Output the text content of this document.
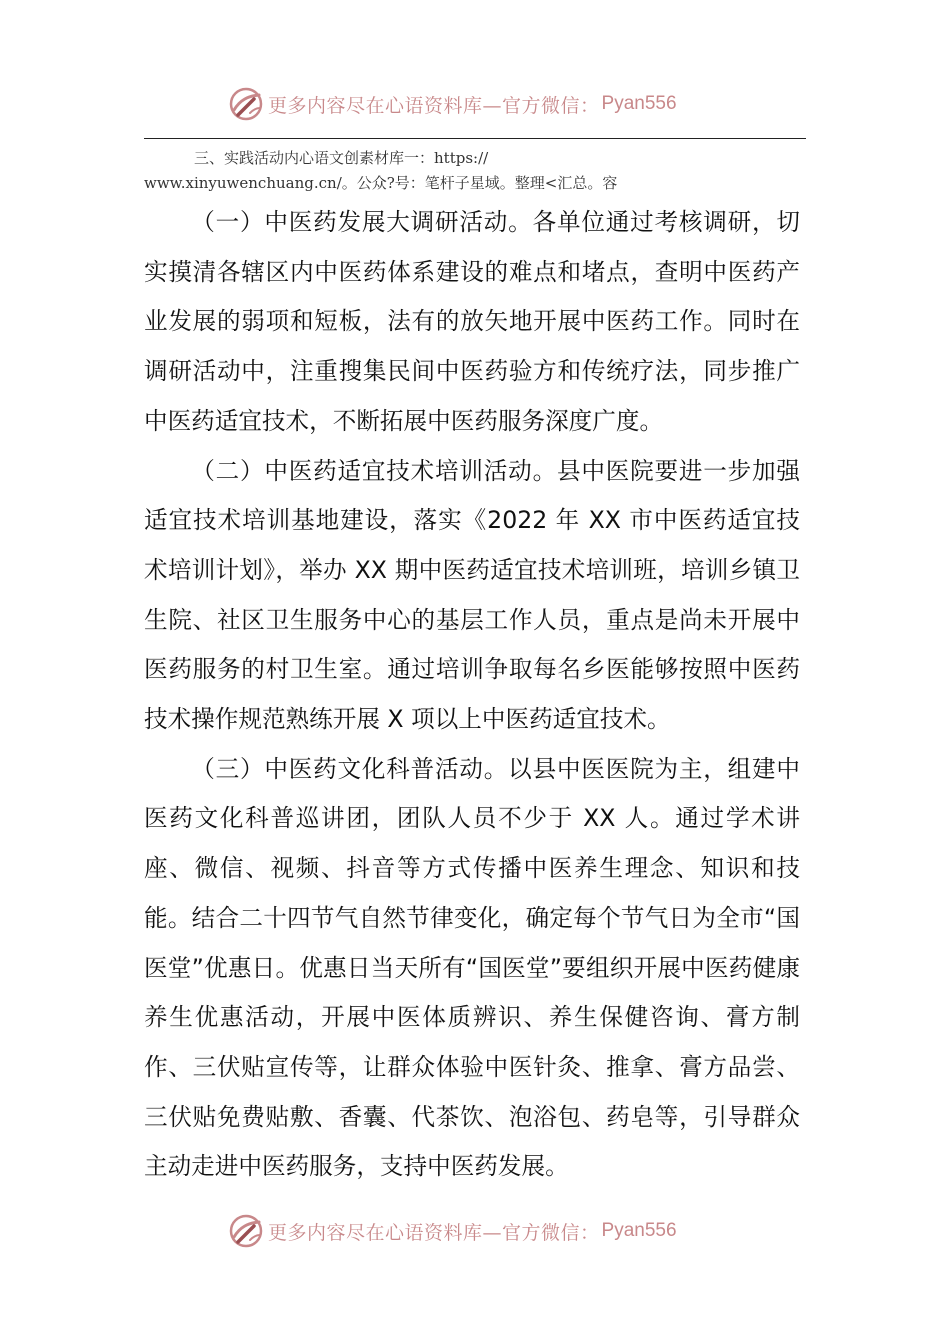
更多内容尽在心语资料库—官方微信： Pyan556
三、实践活动内心语文创素材库一：https://
www.xinyuwenchuang.cn/。公众?号：笔杆子星域。整理<汇总。容

（一）中医药发展大调研活动。各单位通过考核调研，切实摸清各辖区内中医药体系建设的难点和堵点，查明中医药产业发展的弱项和短板，法有的放矢地开展中医药工作。同时在调研活动中，注重搜集民间中医药验方和传统疗法，同步推广中医药适宜技术，不断拓展中医药服务深度广度。

（二）中医药适宜技术培训活动。县中医院要进一步加强适宜技术培训基地建设，落实《2022 年 XX 市中医药适宜技术培训计划》，举办 XX 期中医药适宜技术培训班，培训乡镇卫生院、社区卫生服务中心的基层工作人员，重点是尚未开展中医药服务的村卫生室。通过培训争取每名乡医能够按照中医药技术操作规范熟练开展 X 项以上中医药适宜技术。

（三）中医药文化科普活动。以县中医医院为主，组建中医药文化科普巡讲团，团队人员不少于 XX 人。通过学术讲座、微信、视频、抖音等方式传播中医养生理念、知识和技能。结合二十四节气自然节律变化，确定每个节气日为全市“国医堂”优惠日。优惠日当天所有“国医堂”要组织开展中医药健康养生优惠活动，开展中医体质辨识、养生保健咨询、膏方制作、三伏贴宣传等，让群众体验中医针灸、推拿、膏方品尝、三伏贴免费贴敷、香囊、代茶饮、泡浴包、药皂等，引导群众主动走进中医药服务，支持中医药发展。

更多内容尽在心语资料库—官方微信： Pyan556
